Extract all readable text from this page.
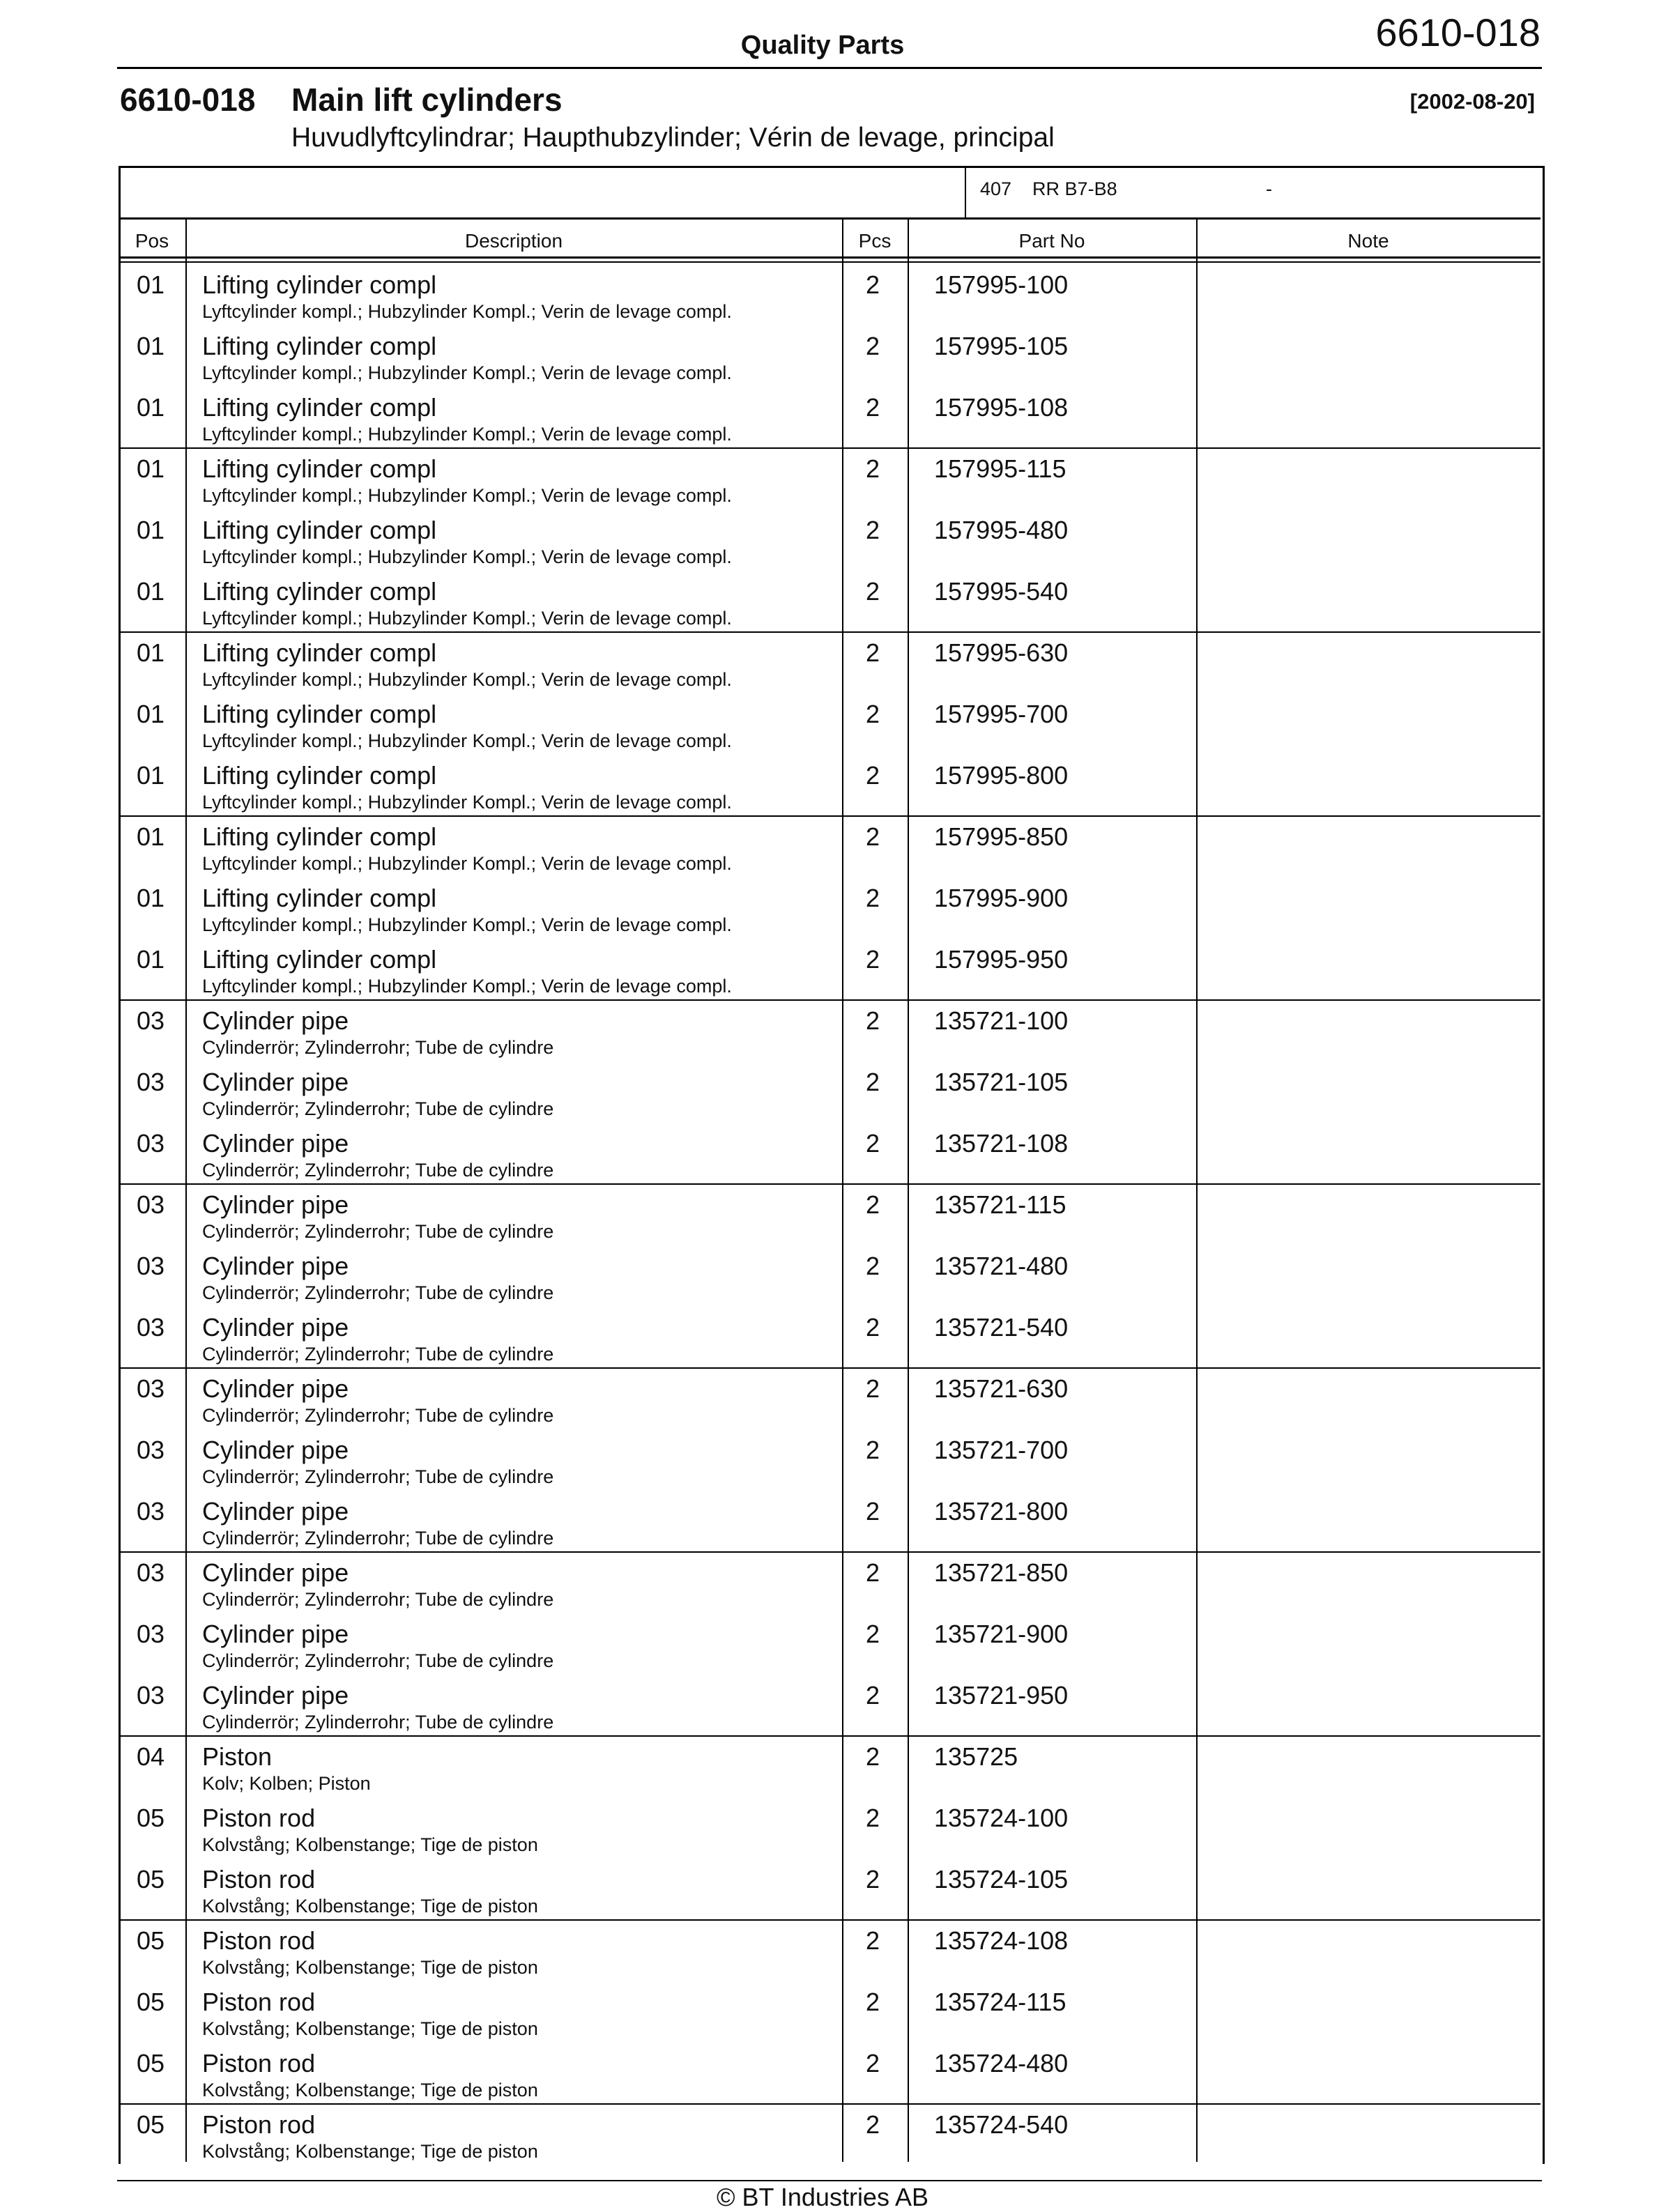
Quality Parts	6610-018
6610-018 Main lift cylinders	[2002-08-20]
Huvudlyftcylindrar; Haupthubzylinder; Vérin de levage, principal
407    RR B7-B8	-
Pos	Description	Pcs	Part No	Note
01 Lifting cylinder compl
Lyftcylinder kompl.; Hubzylinder Kompl.; Verin de levage compl.
2 157995-100
01 Lifting cylinder compl
Lyftcylinder kompl.; Hubzylinder Kompl.; Verin de levage compl.
2 157995-105
01 Lifting cylinder compl
Lyftcylinder kompl.; Hubzylinder Kompl.; Verin de levage compl.
2 157995-108
01 Lifting cylinder compl
Lyftcylinder kompl.; Hubzylinder Kompl.; Verin de levage compl.
2 157995-115
01 Lifting cylinder compl
Lyftcylinder kompl.; Hubzylinder Kompl.; Verin de levage compl.
2 157995-480
01 Lifting cylinder compl
Lyftcylinder kompl.; Hubzylinder Kompl.; Verin de levage compl.
2 157995-540
01 Lifting cylinder compl
Lyftcylinder kompl.; Hubzylinder Kompl.; Verin de levage compl.
2 157995-630
01 Lifting cylinder compl
Lyftcylinder kompl.; Hubzylinder Kompl.; Verin de levage compl.
2 157995-700
01 Lifting cylinder compl
Lyftcylinder kompl.; Hubzylinder Kompl.; Verin de levage compl.
2 157995-800
01 Lifting cylinder compl
Lyftcylinder kompl.; Hubzylinder Kompl.; Verin de levage compl.
2 157995-850
01 Lifting cylinder compl
Lyftcylinder kompl.; Hubzylinder Kompl.; Verin de levage compl.
2 157995-900
01 Lifting cylinder compl
Lyftcylinder kompl.; Hubzylinder Kompl.; Verin de levage compl.
2 157995-950
03 Cylinder pipe
Cylinderrör; Zylinderrohr; Tube de cylindre
2 135721-100
03 Cylinder pipe
Cylinderrör; Zylinderrohr; Tube de cylindre
2 135721-105
03 Cylinder pipe
Cylinderrör; Zylinderrohr; Tube de cylindre
2 135721-108
03 Cylinder pipe
Cylinderrör; Zylinderrohr; Tube de cylindre
2 135721-115
03 Cylinder pipe
Cylinderrör; Zylinderrohr; Tube de cylindre
2 135721-480
03 Cylinder pipe
Cylinderrör; Zylinderrohr; Tube de cylindre
2 135721-540
03 Cylinder pipe
Cylinderrör; Zylinderrohr; Tube de cylindre
2 135721-630
03 Cylinder pipe
Cylinderrör; Zylinderrohr; Tube de cylindre
2 135721-700
03 Cylinder pipe
Cylinderrör; Zylinderrohr; Tube de cylindre
2 135721-800
03 Cylinder pipe
Cylinderrör; Zylinderrohr; Tube de cylindre
2 135721-850
03 Cylinder pipe
Cylinderrör; Zylinderrohr; Tube de cylindre
2 135721-900
03 Cylinder pipe
Cylinderrör; Zylinderrohr; Tube de cylindre
2 135721-950
04 Piston
Kolv; Kolben; Piston
2 135725
05 Piston rod
Kolvstång; Kolbenstange; Tige de piston
2 135724-100
05 Piston rod
Kolvstång; Kolbenstange; Tige de piston
2 135724-105
05 Piston rod
Kolvstång; Kolbenstange; Tige de piston
2 135724-108
05 Piston rod
Kolvstång; Kolbenstange; Tige de piston
2 135724-115
05 Piston rod
Kolvstång; Kolbenstange; Tige de piston
2 135724-480
05 Piston rod
Kolvstång; Kolbenstange; Tige de piston
2 135724-540
© BT Industries AB
